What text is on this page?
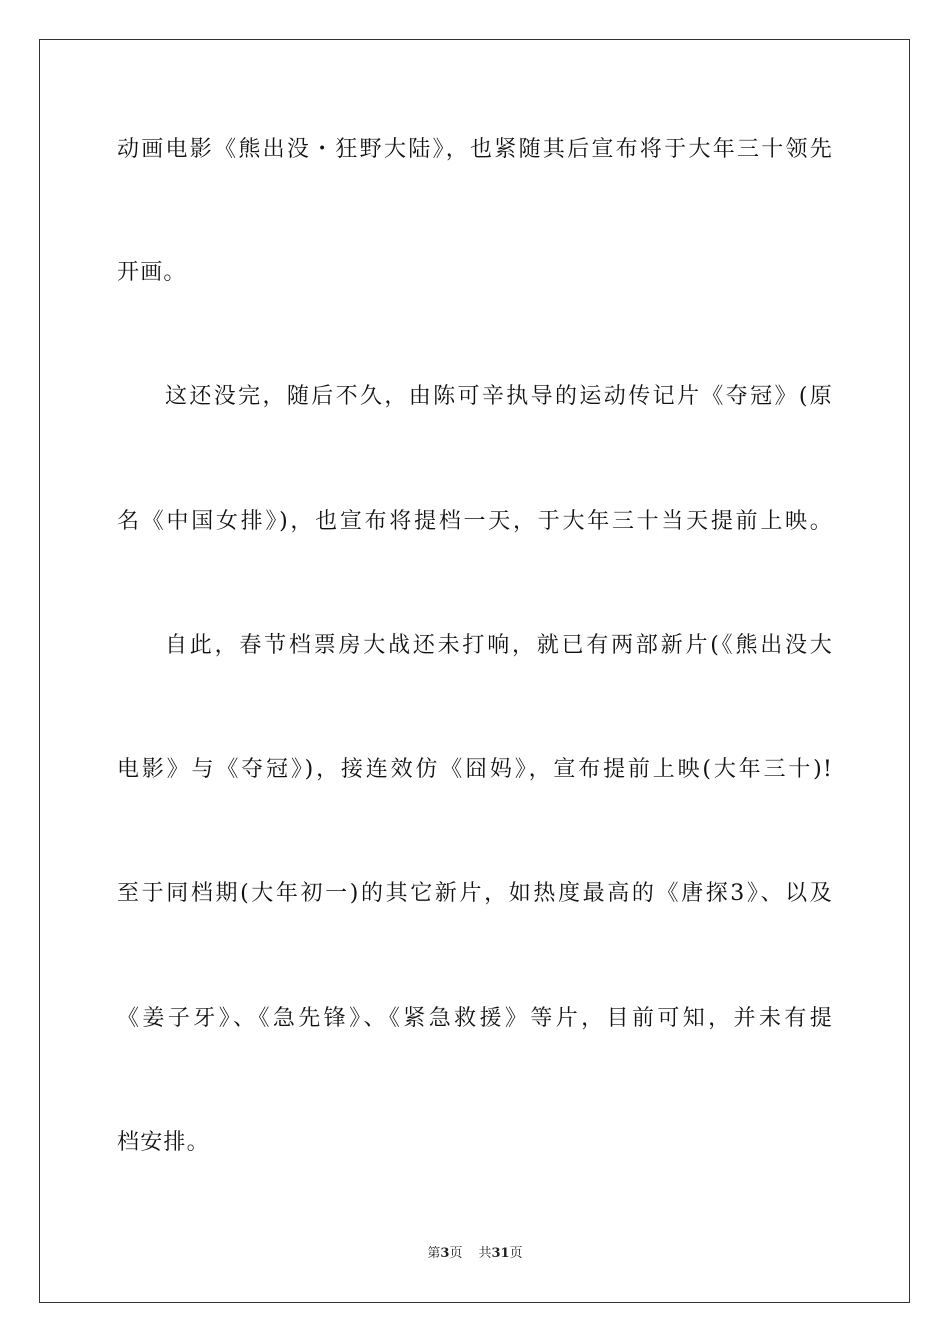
动画电影《熊出没・狂野大陆》，也紧随其后宣布将于大年三十领先
开画。
这还没完，随后不久，由陈可辛执导的运动传记片《夺冠》(原
名《中国女排》)，也宣布将提档一天，于大年三十当天提前上映。
自此，春节档票房大战还未打响，就已有两部新片(《熊出没大
电影》与《夺冠》)，接连效仿《囧妈》，宣布提前上映(大年三十)!
至于同档期(大年初一)的其它新片，如热度最高的《唐探3》、以及
《姜子牙》、《急先锋》、《紧急救援》等片，目前可知，并未有提
档安排。
第3页 共31页
